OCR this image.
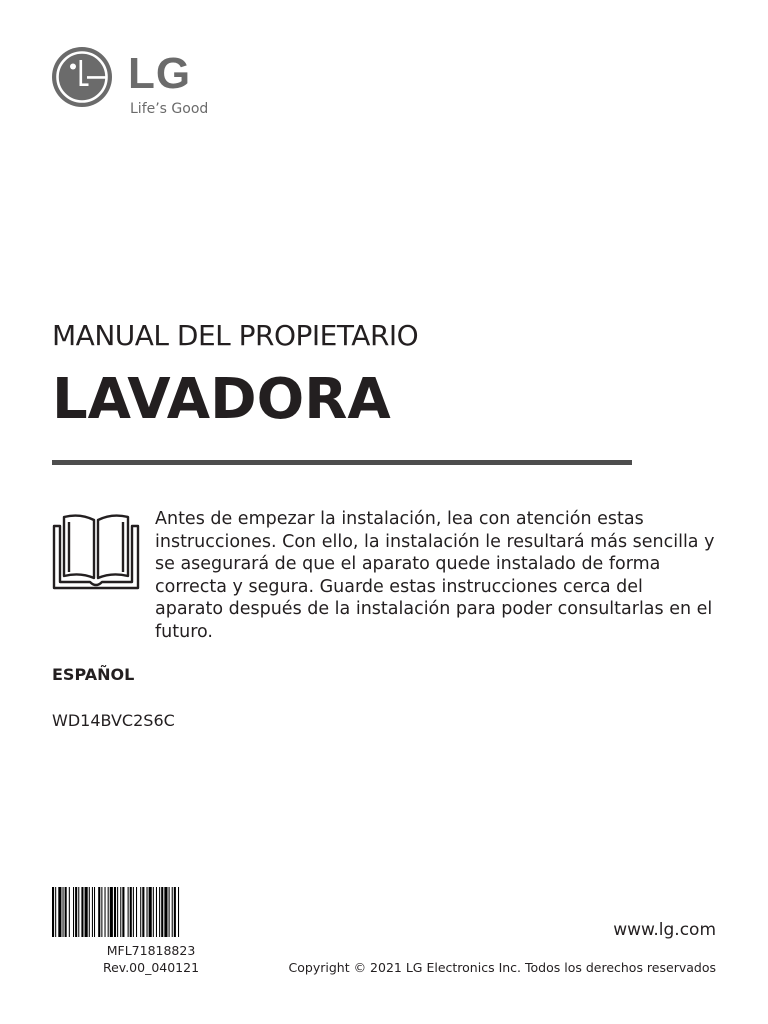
LG
Life’s Good
MANUAL DEL PROPIETARIO
LAVADORA
Antes de empezar la instalación, lea con atención estas instrucciones. Con ello, la instalación le resultará más sencilla y se asegurará de que el aparato quede instalado de forma correcta y segura. Guarde estas instrucciones cerca del aparato después de la instalación para poder consultarlas en el futuro.
ESPAÑOL
WD14BVC2S6C
MFL71818823
Rev.00_040121
www.lg.com
Copyright © 2021 LG Electronics Inc. Todos los derechos reservados
